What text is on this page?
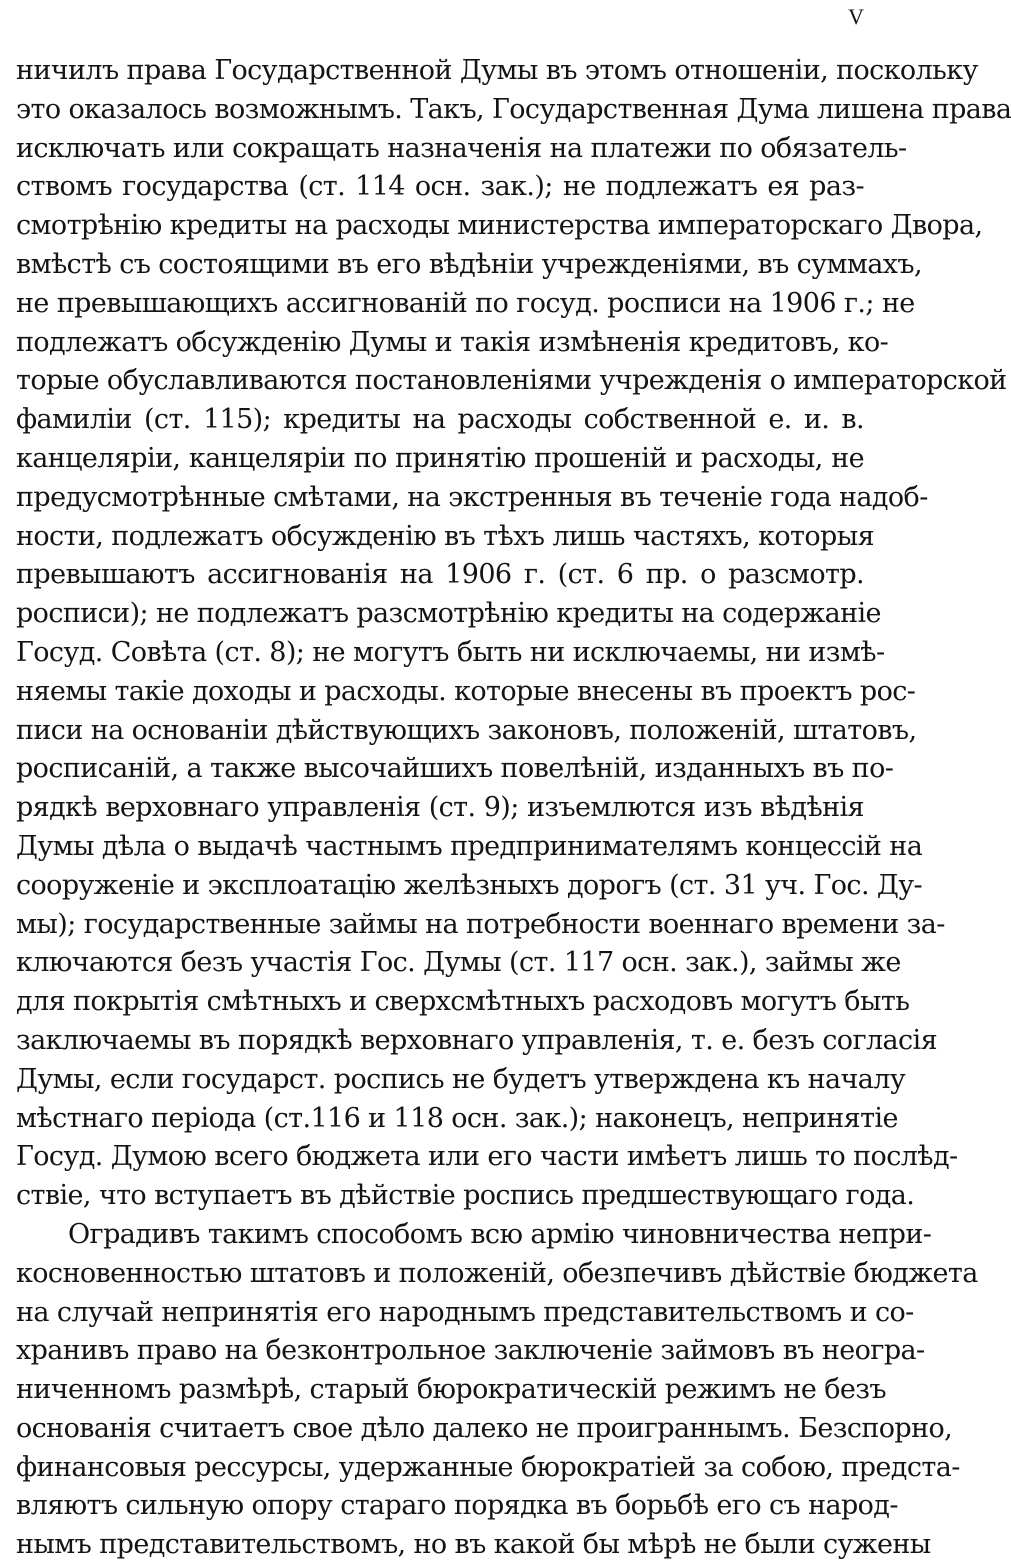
V
ничилъ права Государственной Думы въ этомъ отношеніи, поскольку
это оказалось возможнымъ. Такъ, Государственная Дума лишена права
исключать или сокращать назначенія на платежи по обязатель-
ствомъ государства (ст. 114 осн. зак.); не подлежатъ ея раз-
смотрѣнію кредиты на расходы министерства императорскаго Двора,
вмѣстѣ съ состоящими въ его вѣдѣніи учрежденіями, въ суммахъ,
не превышающихъ ассигнованій по госуд. росписи на 1906 г.; не
подлежатъ обсужденію Думы и такія измѣненія кредитовъ, ко-
торые обуславливаются постановленіями учрежденія о императорской
фамиліи (ст. 115); кредиты на расходы собственной е. и. в.
канцеляріи, канцеляріи по принятію прошеній и расходы, не
предусмотрѣнные смѣтами, на экстренныя въ теченіе года надоб-
ности, подлежатъ обсужденію въ тѣхъ лишь частяхъ, которыя
превышаютъ ассигнованія на 1906 г. (ст. 6 пр. о разсмотр.
росписи); не подлежатъ разсмотрѣнію кредиты на содержаніе
Госуд. Совѣта (ст. 8); не могутъ быть ни исключаемы, ни измѣ-
няемы такіе доходы и расходы. которые внесены въ проектъ рос-
писи на основаніи дѣйствующихъ законовъ, положеній, штатовъ,
росписаній, а также высочайшихъ повелѣній, изданныхъ въ по-
рядкѣ верховнаго управленія (ст. 9); изъемлются изъ вѣдѣнія
Думы дѣла о выдачѣ частнымъ предпринимателямъ концессій на
сооруженіе и эксплоатацію желѣзныхъ дорогъ (ст. 31 уч. Гос. Ду-
мы); государственные займы на потребности военнаго времени за-
ключаются безъ участія Гос. Думы (ст. 117 осн. зак.), займы же
для покрытія смѣтныхъ и сверхсмѣтныхъ расходовъ могутъ быть
заключаемы въ порядкѣ верховнаго управленія, т. е. безъ согласія
Думы, если государст. роспись не будетъ утверждена къ началу
мѣстнаго періода (ст.116 и 118 осн. зак.); наконецъ, непринятіе
Госуд. Думою всего бюджета или его части имѣетъ лишь то послѣд-
ствіе, что вступаетъ въ дѣйствіе роспись предшествующаго года.
Оградивъ такимъ способомъ всю армію чиновничества непри-
косновенностью штатовъ и положеній, обезпечивъ дѣйствіе бюджета
на случай непринятія его народнымъ представительствомъ и со-
хранивъ право на безконтрольное заключеніе займовъ въ неогра-
ниченномъ размѣрѣ, старый бюрократическій режимъ не безъ
основанія считаетъ свое дѣло далеко не проиграннымъ. Безспорно,
финансовыя рессурсы, удержанные бюрократіей за собою, предста-
вляютъ сильную опору стараго порядка въ борьбѣ его съ народ-
нымъ представительствомъ, но въ какой бы мѣрѣ не были сужены
